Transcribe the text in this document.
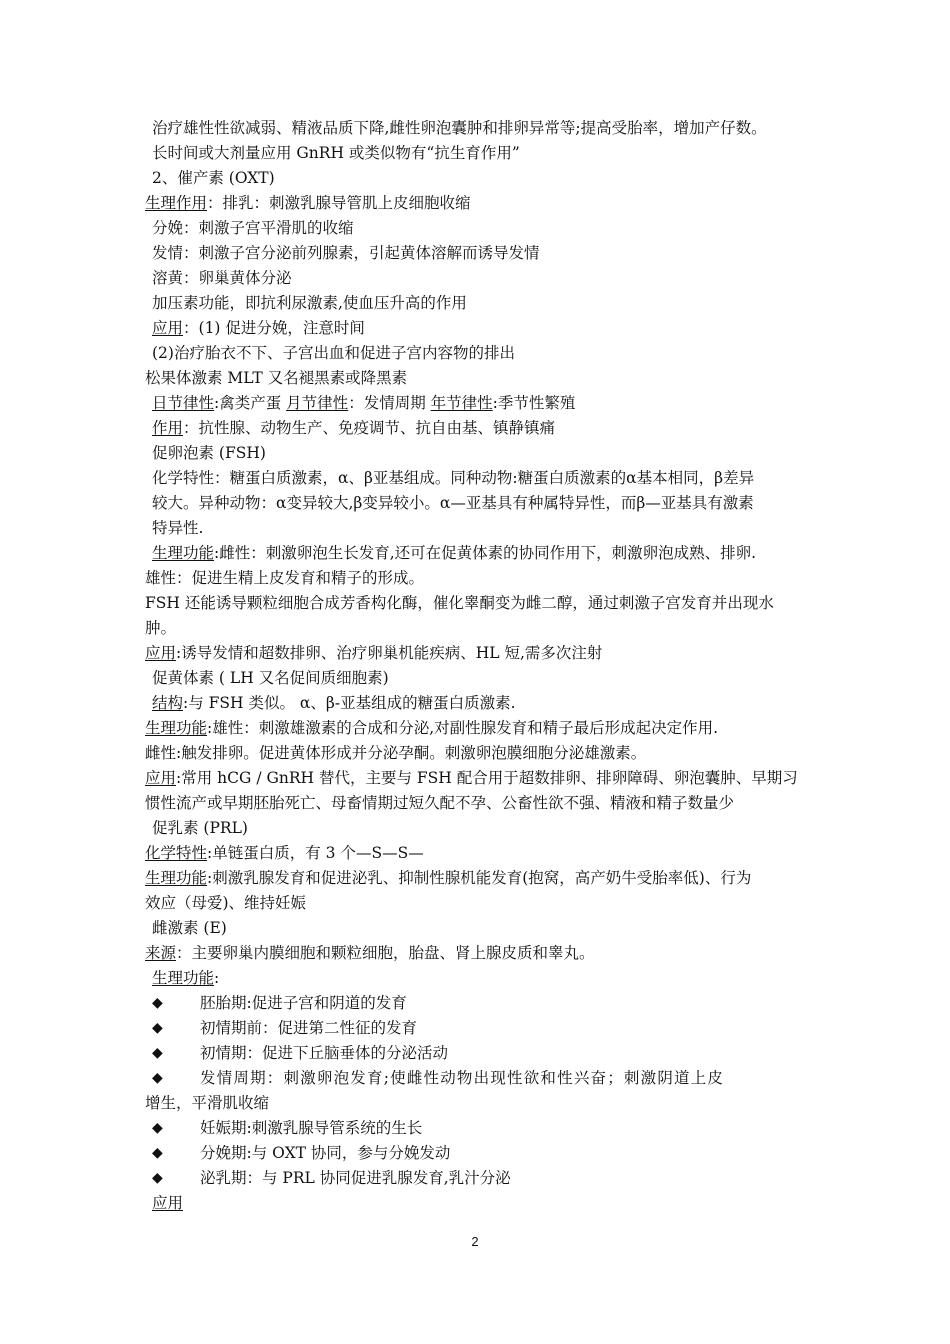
治疗雄性性欲减弱、精液品质下降,雌性卵泡囊肿和排卵异常等;提高受胎率，增加产仔数。
长时间或大剂量应用 GnRH 或类似物有“抗生育作用”
2、催产素 (OXT)
生理作用：排乳：刺激乳腺导管肌上皮细胞收缩
分娩：刺激子宫平滑肌的收缩
发情：刺激子宫分泌前列腺素，引起黄体溶解而诱导发情
溶黄：卵巢黄体分泌
加压素功能，即抗利尿激素,使血压升高的作用
应用：(1) 促进分娩，注意时间
(2)治疗胎衣不下、子宫出血和促进子宫内容物的排出
松果体激素 MLT 又名褪黑素或降黑素
日节律性:禽类产蛋 月节律性：发情周期 年节律性:季节性繁殖
作用：抗性腺、动物生产、免疫调节、抗自由基、镇静镇痛
促卵泡素 (FSH)
化学特性：糖蛋白质激素，α、β亚基组成。同种动物:糖蛋白质激素的α基本相同，β差异
较大。异种动物：α变异较大,β变异较小。α—亚基具有种属特异性，而β—亚基具有激素
特异性.
生理功能:雌性：刺激卵泡生长发育,还可在促黄体素的协同作用下，刺激卵泡成熟、排卵.
雄性：促进生精上皮发育和精子的形成。
FSH 还能诱导颗粒细胞合成芳香构化酶，催化睾酮变为雌二醇，通过刺激子宫发育并出现水
肿。
应用:诱导发情和超数排卵、治疗卵巢机能疾病、HL 短,需多次注射
促黄体素 ( LH 又名促间质细胞素)
结构:与 FSH 类似。 α、β-亚基组成的糖蛋白质激素.
生理功能:雄性：刺激雄激素的合成和分泌,对副性腺发育和精子最后形成起决定作用.
雌性:触发排卵。促进黄体形成并分泌孕酮。刺激卵泡膜细胞分泌雄激素。
应用:常用 hCG / GnRH 替代，主要与 FSH 配合用于超数排卵、排卵障碍、卵泡囊肿、早期习
惯性流产或早期胚胎死亡、母畜情期过短久配不孕、公畜性欲不强、精液和精子数量少
促乳素 (PRL)
化学特性:单链蛋白质，有 3 个—S—S—
生理功能:刺激乳腺发育和促进泌乳、抑制性腺机能发育(抱窝，高产奶牛受胎率低)、行为
效应（母爱)、维持妊娠
雌激素 (E)
来源：主要卵巢内膜细胞和颗粒细胞，胎盘、肾上腺皮质和睾丸。
生理功能:
◆ 胚胎期:促进子宫和阴道的发育
◆ 初情期前：促进第二性征的发育
◆ 初情期：促进下丘脑垂体的分泌活动
◆ 发情周期：刺激卵泡发育;使雌性动物出现性欲和性兴奋；刺激阴道上皮
增生，平滑肌收缩
◆ 妊娠期:刺激乳腺导管系统的生长
◆ 分娩期:与 OXT 协同，参与分娩发动
◆ 泌乳期：与 PRL 协同促进乳腺发育,乳汁分泌
应用
2
